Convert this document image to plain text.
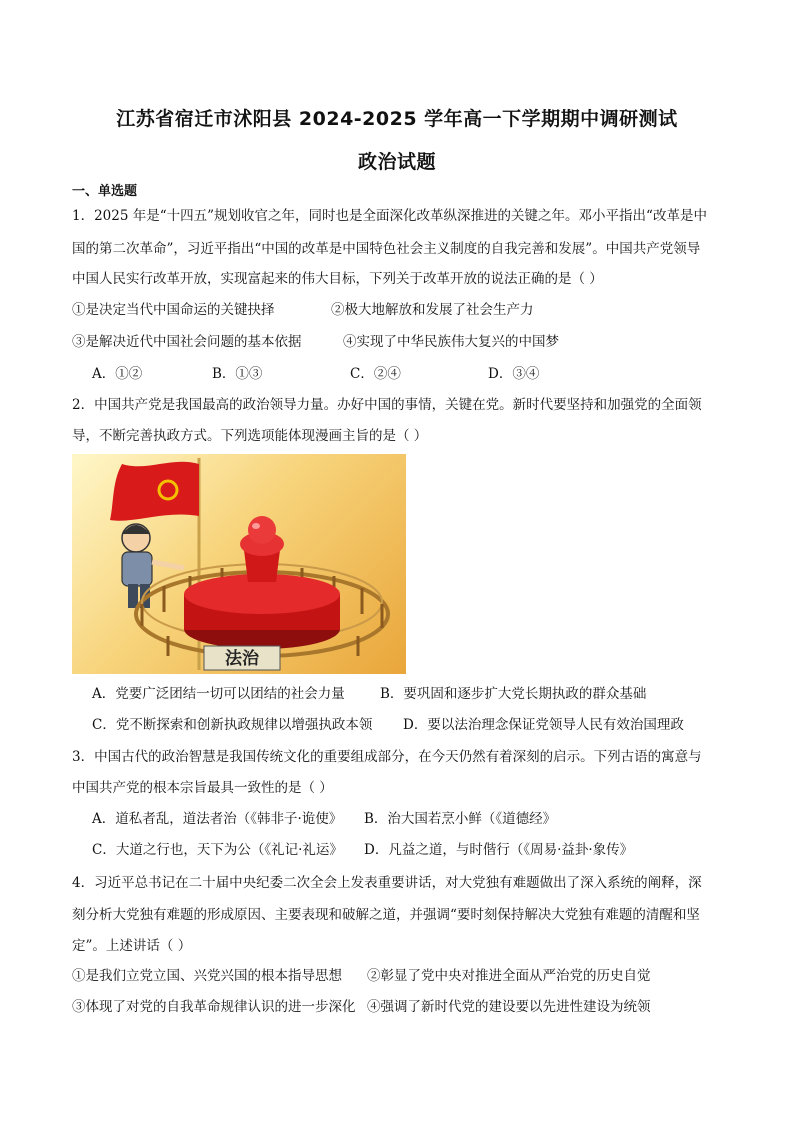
江苏省宿迁市沭阳县 2024-2025 学年高一下学期期中调研测试
政治试题
一、单选题
1．2025 年是“十四五”规划收官之年，同时也是全面深化改革纵深推进的关键之年。邓小平指出“改革是中
国的第二次革命”，习近平指出“中国的改革是中国特色社会主义制度的自我完善和发展”。中国共产党领导
中国人民实行改革开放，实现富起来的伟大目标，下列关于改革开放的说法正确的是（ ）
①是决定当代中国命运的关键抉择	②极大地解放和发展了社会生产力
③是解决近代中国社会问题的基本依据	④实现了中华民族伟大复兴的中国梦
A．①②	B．①③	C．②④	D．③④
2．中国共产党是我国最高的政治领导力量。办好中国的事情，关键在党。新时代要坚持和加强党的全面领
导，不断完善执政方式。下列选项能体现漫画主旨的是（ ）
法治
A．党要广泛团结一切可以团结的社会力量	B．要巩固和逐步扩大党长期执政的群众基础
C．党不断探索和创新执政规律以增强执政本领 D．要以法治理念保证党领导人民有效治国理政
3．中国古代的政治智慧是我国传统文化的重要组成部分，在今天仍然有着深刻的启示。下列古语的寓意与
中国共产党的根本宗旨最具一致性的是（ ）
A．道私者乱，道法者治（《韩非子·诡使》 B．治大国若烹小鲜（《道德经》
C．大道之行也，天下为公（《礼记·礼运》 D．凡益之道，与时偕行（《周易·益卦·象传》
4．习近平总书记在二十届中央纪委二次全会上发表重要讲话，对大党独有难题做出了深入系统的阐释，深
刻分析大党独有难题的形成原因、主要表现和破解之道，并强调“要时刻保持解决大党独有难题的清醒和坚
定”。上述讲话（ ）
①是我们立党立国、兴党兴国的根本指导思想 ②彰显了党中央对推进全面从严治党的历史自觉
③体现了对党的自我革命规律认识的进一步深化 ④强调了新时代党的建设要以先进性建设为统领
